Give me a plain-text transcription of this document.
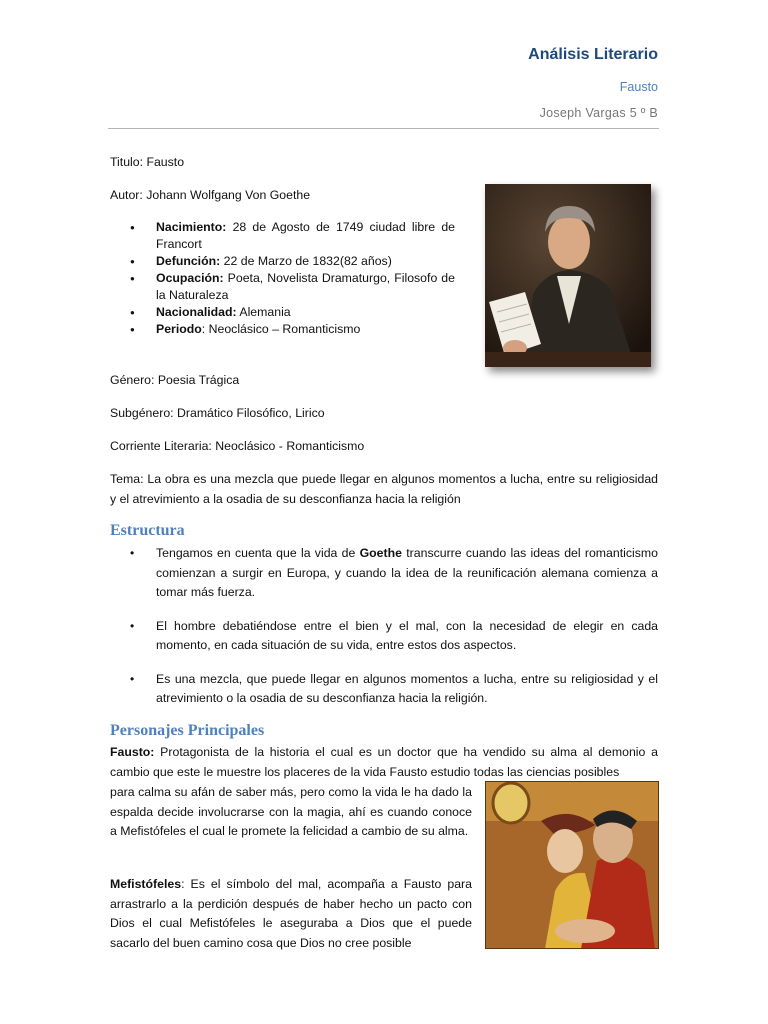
Análisis Literario
Fausto
Joseph Vargas 5 º B
Titulo: Fausto
Autor: Johann Wolfgang Von Goethe
● Nacimiento: 28 de Agosto de 1749 ciudad libre de Francort
● Defunción: 22 de Marzo de 1832(82 años)
● Ocupación: Poeta, Novelista Dramaturgo, Filosofo de la Naturaleza
● Nacionalidad: Alemania
● Periodo: Neoclásico – Romanticismo
Género: Poesia Trágica
Subgénero: Dramático Filosófico, Lirico
Corriente Literaria: Neoclásico - Romanticismo
Tema: La obra es una mezcla que puede llegar en algunos momentos a lucha, entre su religiosidad y el atrevimiento a la osadia de su desconfianza hacia la religión
Estructura
• Tengamos en cuenta que la vida de Goethe transcurre cuando las ideas del romanticismo comienzan a surgir en Europa, y cuando la idea de la reunificación alemana comienza a tomar más fuerza.
• El hombre debatiéndose entre el bien y el mal, con la necesidad de elegir en cada momento, en cada situación de su vida, entre estos dos aspectos.
• Es una mezcla, que puede llegar en algunos momentos a lucha, entre su religiosidad y el atrevimiento o la osadia de su desconfianza hacia la religión.
Personajes Principales
Fausto: Protagonista de la historia el cual es un doctor que ha vendido su alma al demonio a cambio que este le muestre los placeres de la vida Fausto estudio todas las ciencias posibles
para calma su afán de saber más, pero como la vida le ha dado la espalda decide involucrarse con la magia, ahí es cuando conoce a Mefistófeles el cual le promete la felicidad a cambio de su alma.
Mefistófeles: Es el símbolo del mal, acompaña a Fausto para arrastrarlo a la perdición después de haber hecho un pacto con Dios el cual Mefistófeles le aseguraba a Dios que el puede sacarlo del buen camino cosa que Dios no cree posible
